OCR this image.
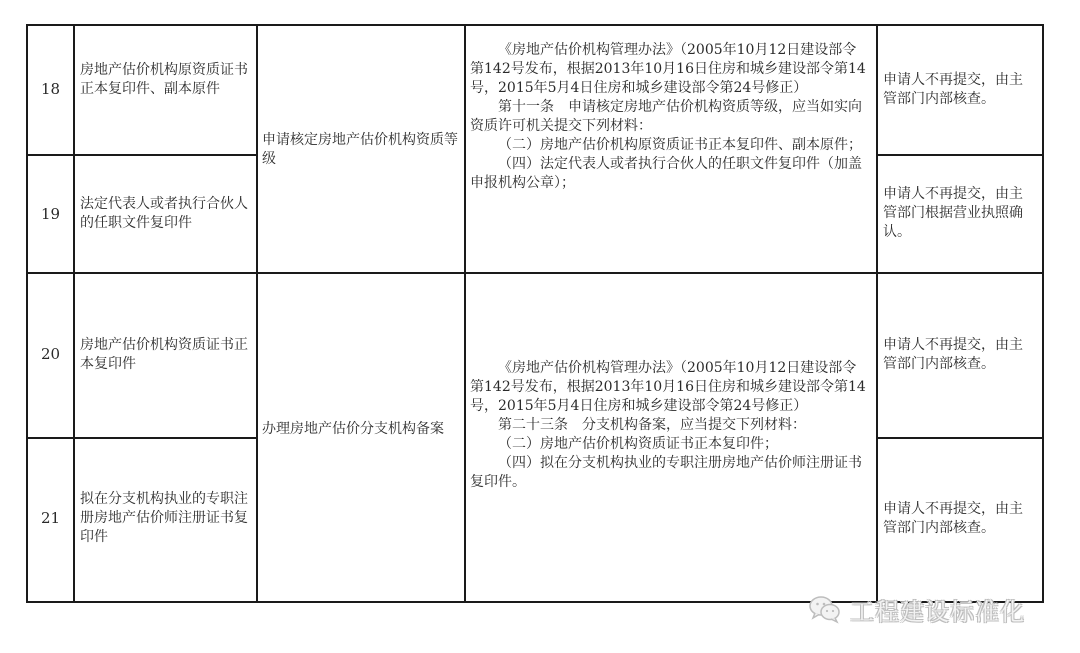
18
房地产估价机构原资质证书正本复印件、副本原件
申请人不再提交，由主管部门内部核查。
19
法定代表人或者执行合伙人的任职文件复印件
申请人不再提交，由主管部门根据营业执照确认。
申请核定房地产估价机构资质等级

《房地产估价机构管理办法》（2005年10月12日建设部令第142号发布，根据2013年10月16日住房和城乡建设部令第14号，2015年5月4日住房和城乡建设部令第24号修正）

第十一条　申请核定房地产估价机构资质等级，应当如实向资质许可机关提交下列材料：

（二）房地产估价机构原资质证书正本复印件、副本原件；

（四）法定代表人或者执行合伙人的任职文件复印件（加盖申报机构公章）；

20	房地产估价机构资质证书正本复印件
申请人不再提交，由主管部门内部核查。
21
拟在分支机构执业的专职注册房地产估价师注册证书复印件
申请人不再提交，由主管部门内部核查。
办理房地产估价分支机构备案

《房地产估价机构管理办法》（2005年10月12日建设部令第142号发布，根据2013年10月16日住房和城乡建设部令第14号，2015年5月4日住房和城乡建设部令第24号修正）

第二十三条　分支机构备案，应当提交下列材料：

（二）房地产估价机构资质证书正本复印件；

（四）拟在分支机构执业的专职注册房地产估价师注册证书复印件。

工程建设标准化
